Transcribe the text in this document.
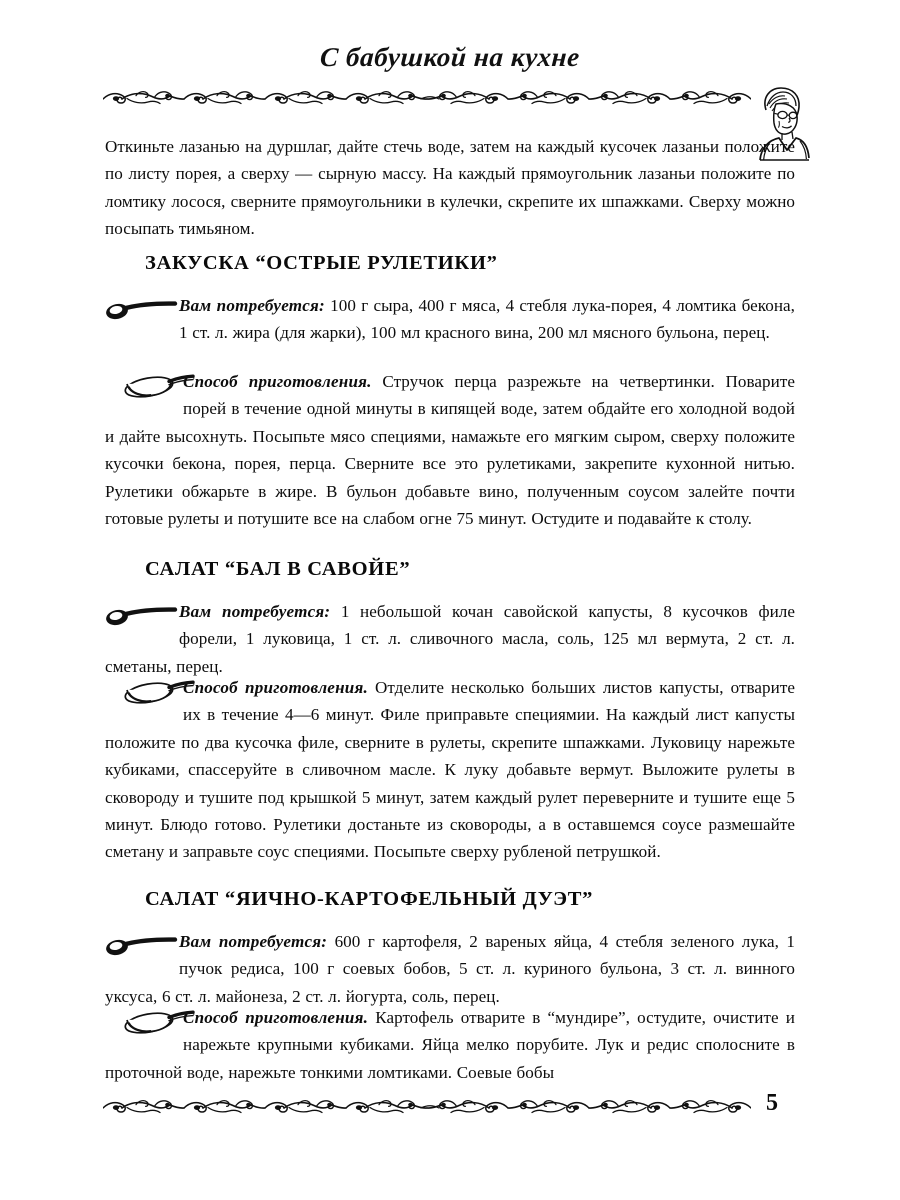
С бабушкой на кухне

Откиньте лазанью на дуршлаг, дайте стечь воде, затем на каждый кусочек лазаньи положите по листу порея, а сверху — сырную массу. На каждый прямоугольник лазаньи положите по ломтику лосося, сверните прямоугольники в кулечки, скрепите их шпажками. Сверху можно посыпать тимьяном.

ЗАКУСКА “ОСТРЫЕ РУЛЕТИКИ”

Вам потребуется: 100 г сыра, 400 г мяса, 4 стебля лука-порея, 4 ломтика бекона, 1 ст. л. жира (для жарки), 100 мл красного вина, 200 мл мясного бульона, перец.

Способ приготовления. Стручок перца разрежьте на четвертинки. Поварите порей в течение одной минуты в кипящей воде, затем обдайте его холодной водой и дайте высохнуть. Посыпьте мясо специями, намажьте его мягким сыром, сверху положите кусочки бекона, порея, перца. Сверните все это рулетиками, закрепите кухонной нитью. Рулетики обжарьте в жире. В бульон добавьте вино, полученным соусом залейте почти готовые рулеты и потушите все на слабом огне 75 минут. Остудите и подавайте к столу.

САЛАТ “БАЛ В САВОЙЕ”

Вам потребуется: 1 небольшой кочан савойской капусты, 8 кусочков филе форели, 1 луковица, 1 ст. л. сливочного масла, соль, 125 мл вермута, 2 ст. л. сметаны, перец.

Способ приготовления. Отделите несколько больших листов капусты, отварите их в течение 4—6 минут. Филе приправьте специямии. На каждый лист капусты положите по два кусочка филе, сверните в рулеты, скрепите шпажками. Луковицу нарежьте кубиками, спассеруйте в сливочном масле. К луку добавьте вермут. Выложите рулеты в сковороду и тушите под крышкой 5 минут, затем каждый рулет переверните и тушите еще 5 минут. Блюдо готово. Рулетики достаньте из сковороды, а в оставшемся соусе размешайте сметану и заправьте соус специями. Посыпьте сверху рубленой петрушкой.

САЛАТ “ЯИЧНО-КАРТОФЕЛЬНЫЙ ДУЭТ”

Вам потребуется: 600 г картофеля, 2 вареных яйца, 4 стебля зеленого лука, 1 пучок редиса, 100 г соевых бобов, 5 ст. л. куриного бульона, 3 ст. л. винного уксуса, 6 ст. л. майонеза, 2 ст. л. йогурта, соль, перец.

Способ приготовления. Картофель отварите в “мундире”, остудите, очистите и нарежьте крупными кубиками. Яйца мелко порубите. Лук и редис сполосните в проточной воде, нарежьте тонкими ломтиками. Соевые бобы

5
